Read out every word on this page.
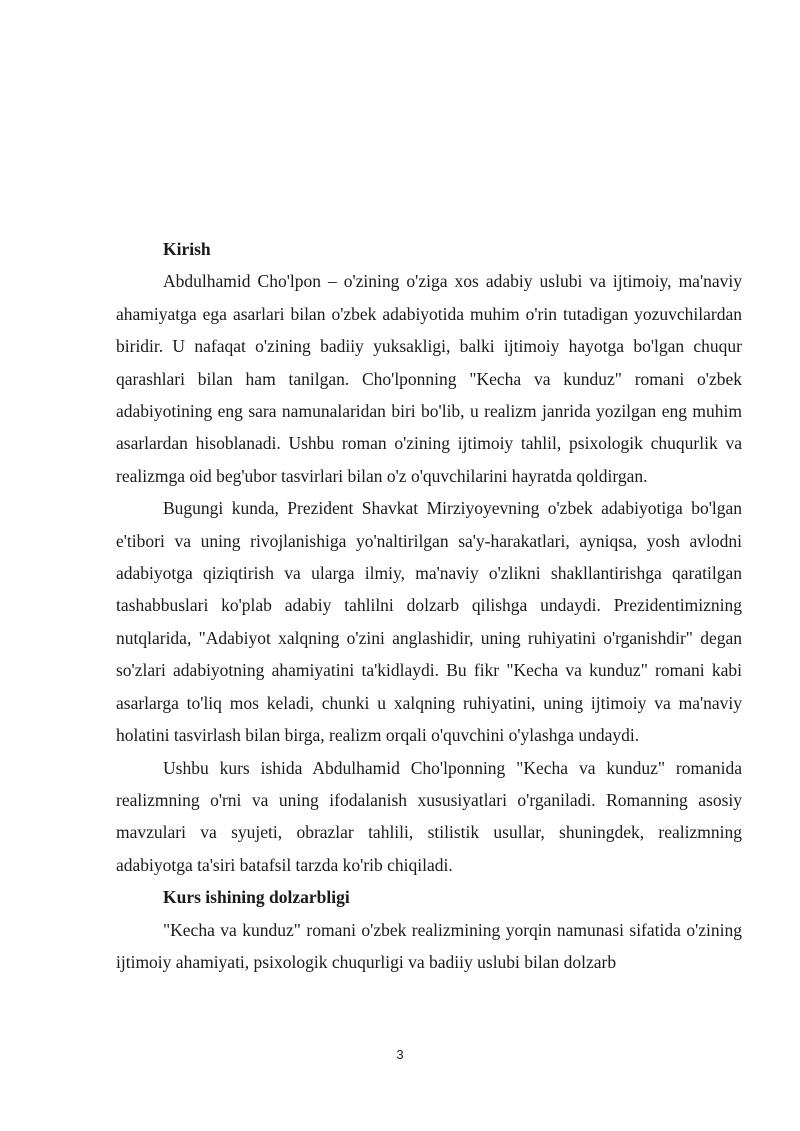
Kirish

Abdulhamid Cho'lpon – o'zining o'ziga xos adabiy uslubi va ijtimoiy, ma'naviy ahamiyatga ega asarlari bilan o'zbek adabiyotida muhim o'rin tutadigan yozuvchilardan biridir. U nafaqat o'zining badiiy yuksakligi, balki ijtimoiy hayotga bo'lgan chuqur qarashlari bilan ham tanilgan. Cho'lponning "Kecha va kunduz" romani o'zbek adabiyotining eng sara namunalaridan biri bo'lib, u realizm janrida yozilgan eng muhim asarlardan hisoblanadi. Ushbu roman o'zining ijtimoiy tahlil, psixologik chuqurlik va realizmga oid beg'ubor tasvirlari bilan o'z o'quvchilarini hayratda qoldirgan.

Bugungi kunda, Prezident Shavkat Mirziyoyevning o'zbek adabiyotiga bo'lgan e'tibori va uning rivojlanishiga yo'naltirilgan sa'y-harakatlari, ayniqsa, yosh avlodni adabiyotga qiziqtirish va ularga ilmiy, ma'naviy o'zlikni shakllantirishga qaratilgan tashabbuslari ko'plab adabiy tahlilni dolzarb qilishga undaydi. Prezidentimizning nutqlarida, "Adabiyot xalqning o'zini anglashidir, uning ruhiyatini o'rganishdir" degan so'zlari adabiyotning ahamiyatini ta'kidlaydi. Bu fikr "Kecha va kunduz" romani kabi asarlarga to'liq mos keladi, chunki u xalqning ruhiyatini, uning ijtimoiy va ma'naviy holatini tasvirlash bilan birga, realizm orqali o'quvchini o'ylashga undaydi.

Ushbu kurs ishida Abdulhamid Cho'lponning "Kecha va kunduz" romanida realizmning o'rni va uning ifodalanish xususiyatlari o'rganiladi. Romanning asosiy mavzulari va syujeti, obrazlar tahlili, stilistik usullar, shuningdek, realizmning adabiyotga ta'siri batafsil tarzda ko'rib chiqiladi.

Kurs ishining dolzarbligi

"Kecha va kunduz" romani o'zbek realizmining yorqin namunasi sifatida o'zining ijtimoiy ahamiyati, psixologik chuqurligi va badiiy uslubi bilan dolzarb

3
